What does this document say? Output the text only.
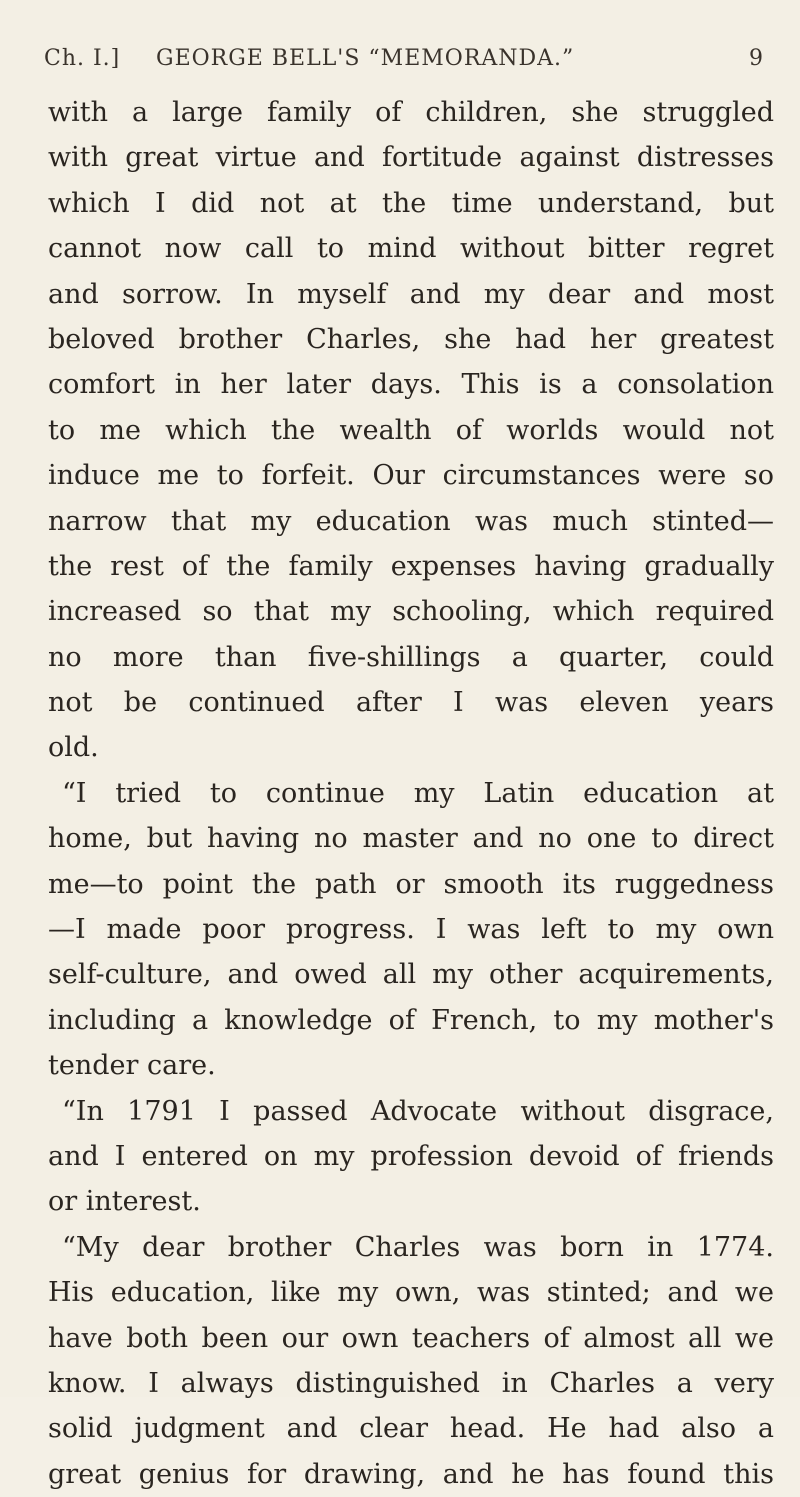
Ch. I.] GEORGE BELL'S “MEMORANDA.”	9
with a large family of children, she struggled
with great virtue and fortitude against distresses
which I did not at the time understand, but
cannot now call to mind without bitter regret
and sorrow. In myself and my dear and most
beloved brother Charles, she had her greatest
comfort in her later days. This is a consolation
to me which the wealth of worlds would not
induce me to forfeit. Our circumstances were so
narrow that my education was much stinted—
the rest of the family expenses having gradually
increased so that my schooling, which required
no more than five-shillings a quarter, could
not be continued after I was eleven years
old.
“I tried to continue my Latin education at
home, but having no master and no one to direct
me—to point the path or smooth its ruggedness
—I made poor progress. I was left to my own
self-culture, and owed all my other acquirements,
including a knowledge of French, to my mother's
tender care.
“In 1791 I passed Advocate without disgrace,
and I entered on my profession devoid of friends
or interest.
“My dear brother Charles was born in 1774.
His education, like my own, was stinted; and we
have both been our own teachers of almost all we
know. I always distinguished in Charles a very
solid judgment and clear head. He had also a
great genius for drawing, and he has found this
